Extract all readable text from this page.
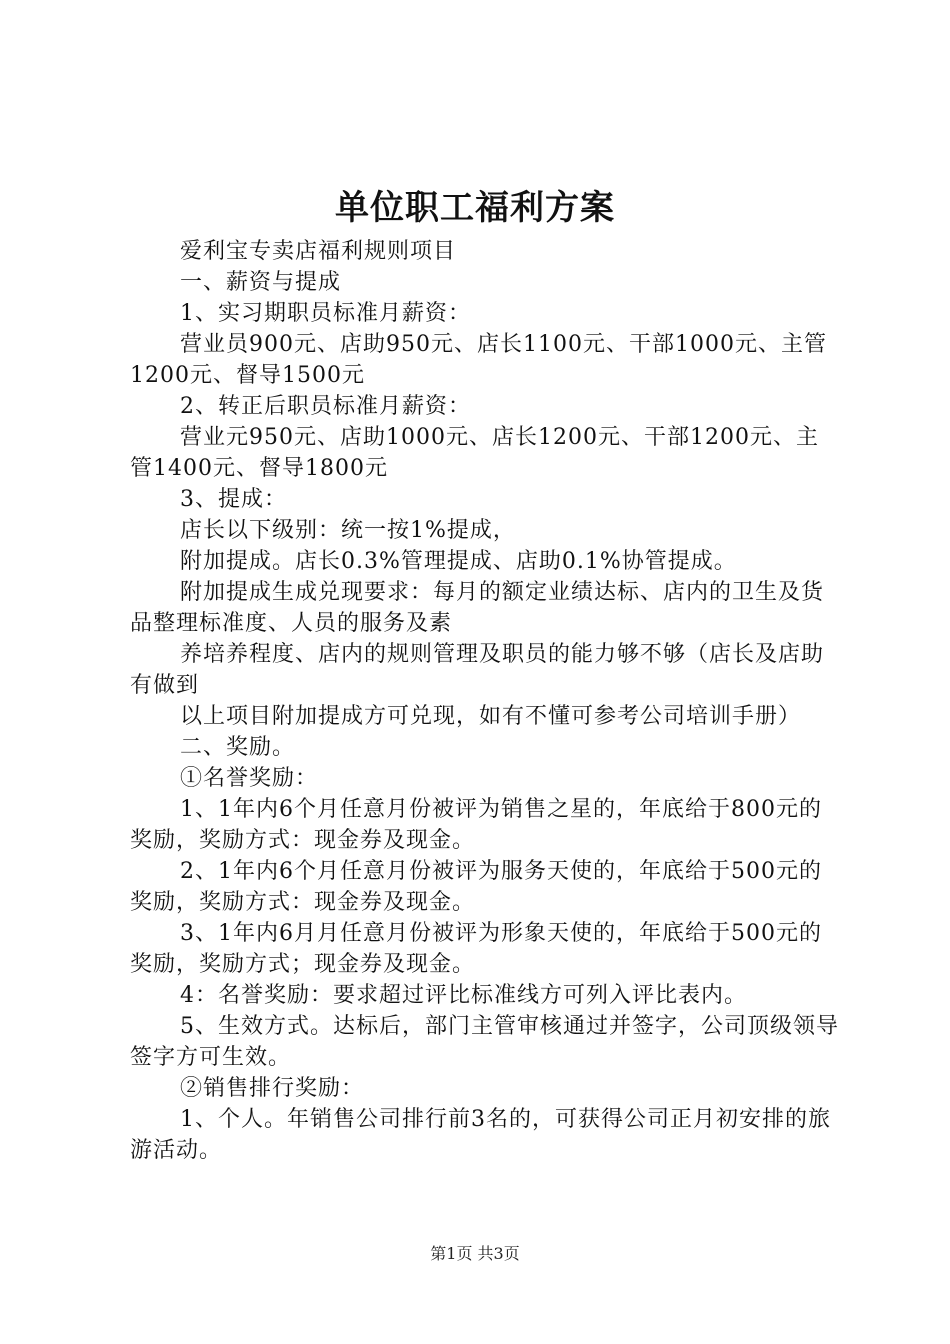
单位职工福利方案

爱利宝专卖店福利规则项目

一、薪资与提成

1、实习期职员标准月薪资：

营业员900元、店助950元、店长1100元、干部1000元、主管1200元、督导1500元

2、转正后职员标准月薪资：

营业元950元、店助1000元、店长1200元、干部1200元、主管1400元、督导1800元

3、提成：

店长以下级别：统一按1%提成，

附加提成。店长0.3%管理提成、店助0.1%协管提成。

附加提成生成兑现要求：每月的额定业绩达标、店内的卫生及货品整理标准度、人员的服务及素

养培养程度、店内的规则管理及职员的能力够不够（店长及店助有做到

以上项目附加提成方可兑现，如有不懂可参考公司培训手册）

二、奖励。

①名誉奖励：

1、1年内6个月任意月份被评为销售之星的，年底给于800元的奖励，奖励方式：现金券及现金。

2、1年内6个月任意月份被评为服务天使的，年底给于500元的奖励，奖励方式：现金券及现金。

3、1年内6月月任意月份被评为形象天使的，年底给于500元的奖励，奖励方式；现金券及现金。

4：名誉奖励：要求超过评比标准线方可列入评比表内。

5、生效方式。达标后，部门主管审核通过并签字，公司顶级领导签字方可生效。

②销售排行奖励：

1、个人。年销售公司排行前3名的，可获得公司正月初安排的旅游活动。

第1页 共3页
